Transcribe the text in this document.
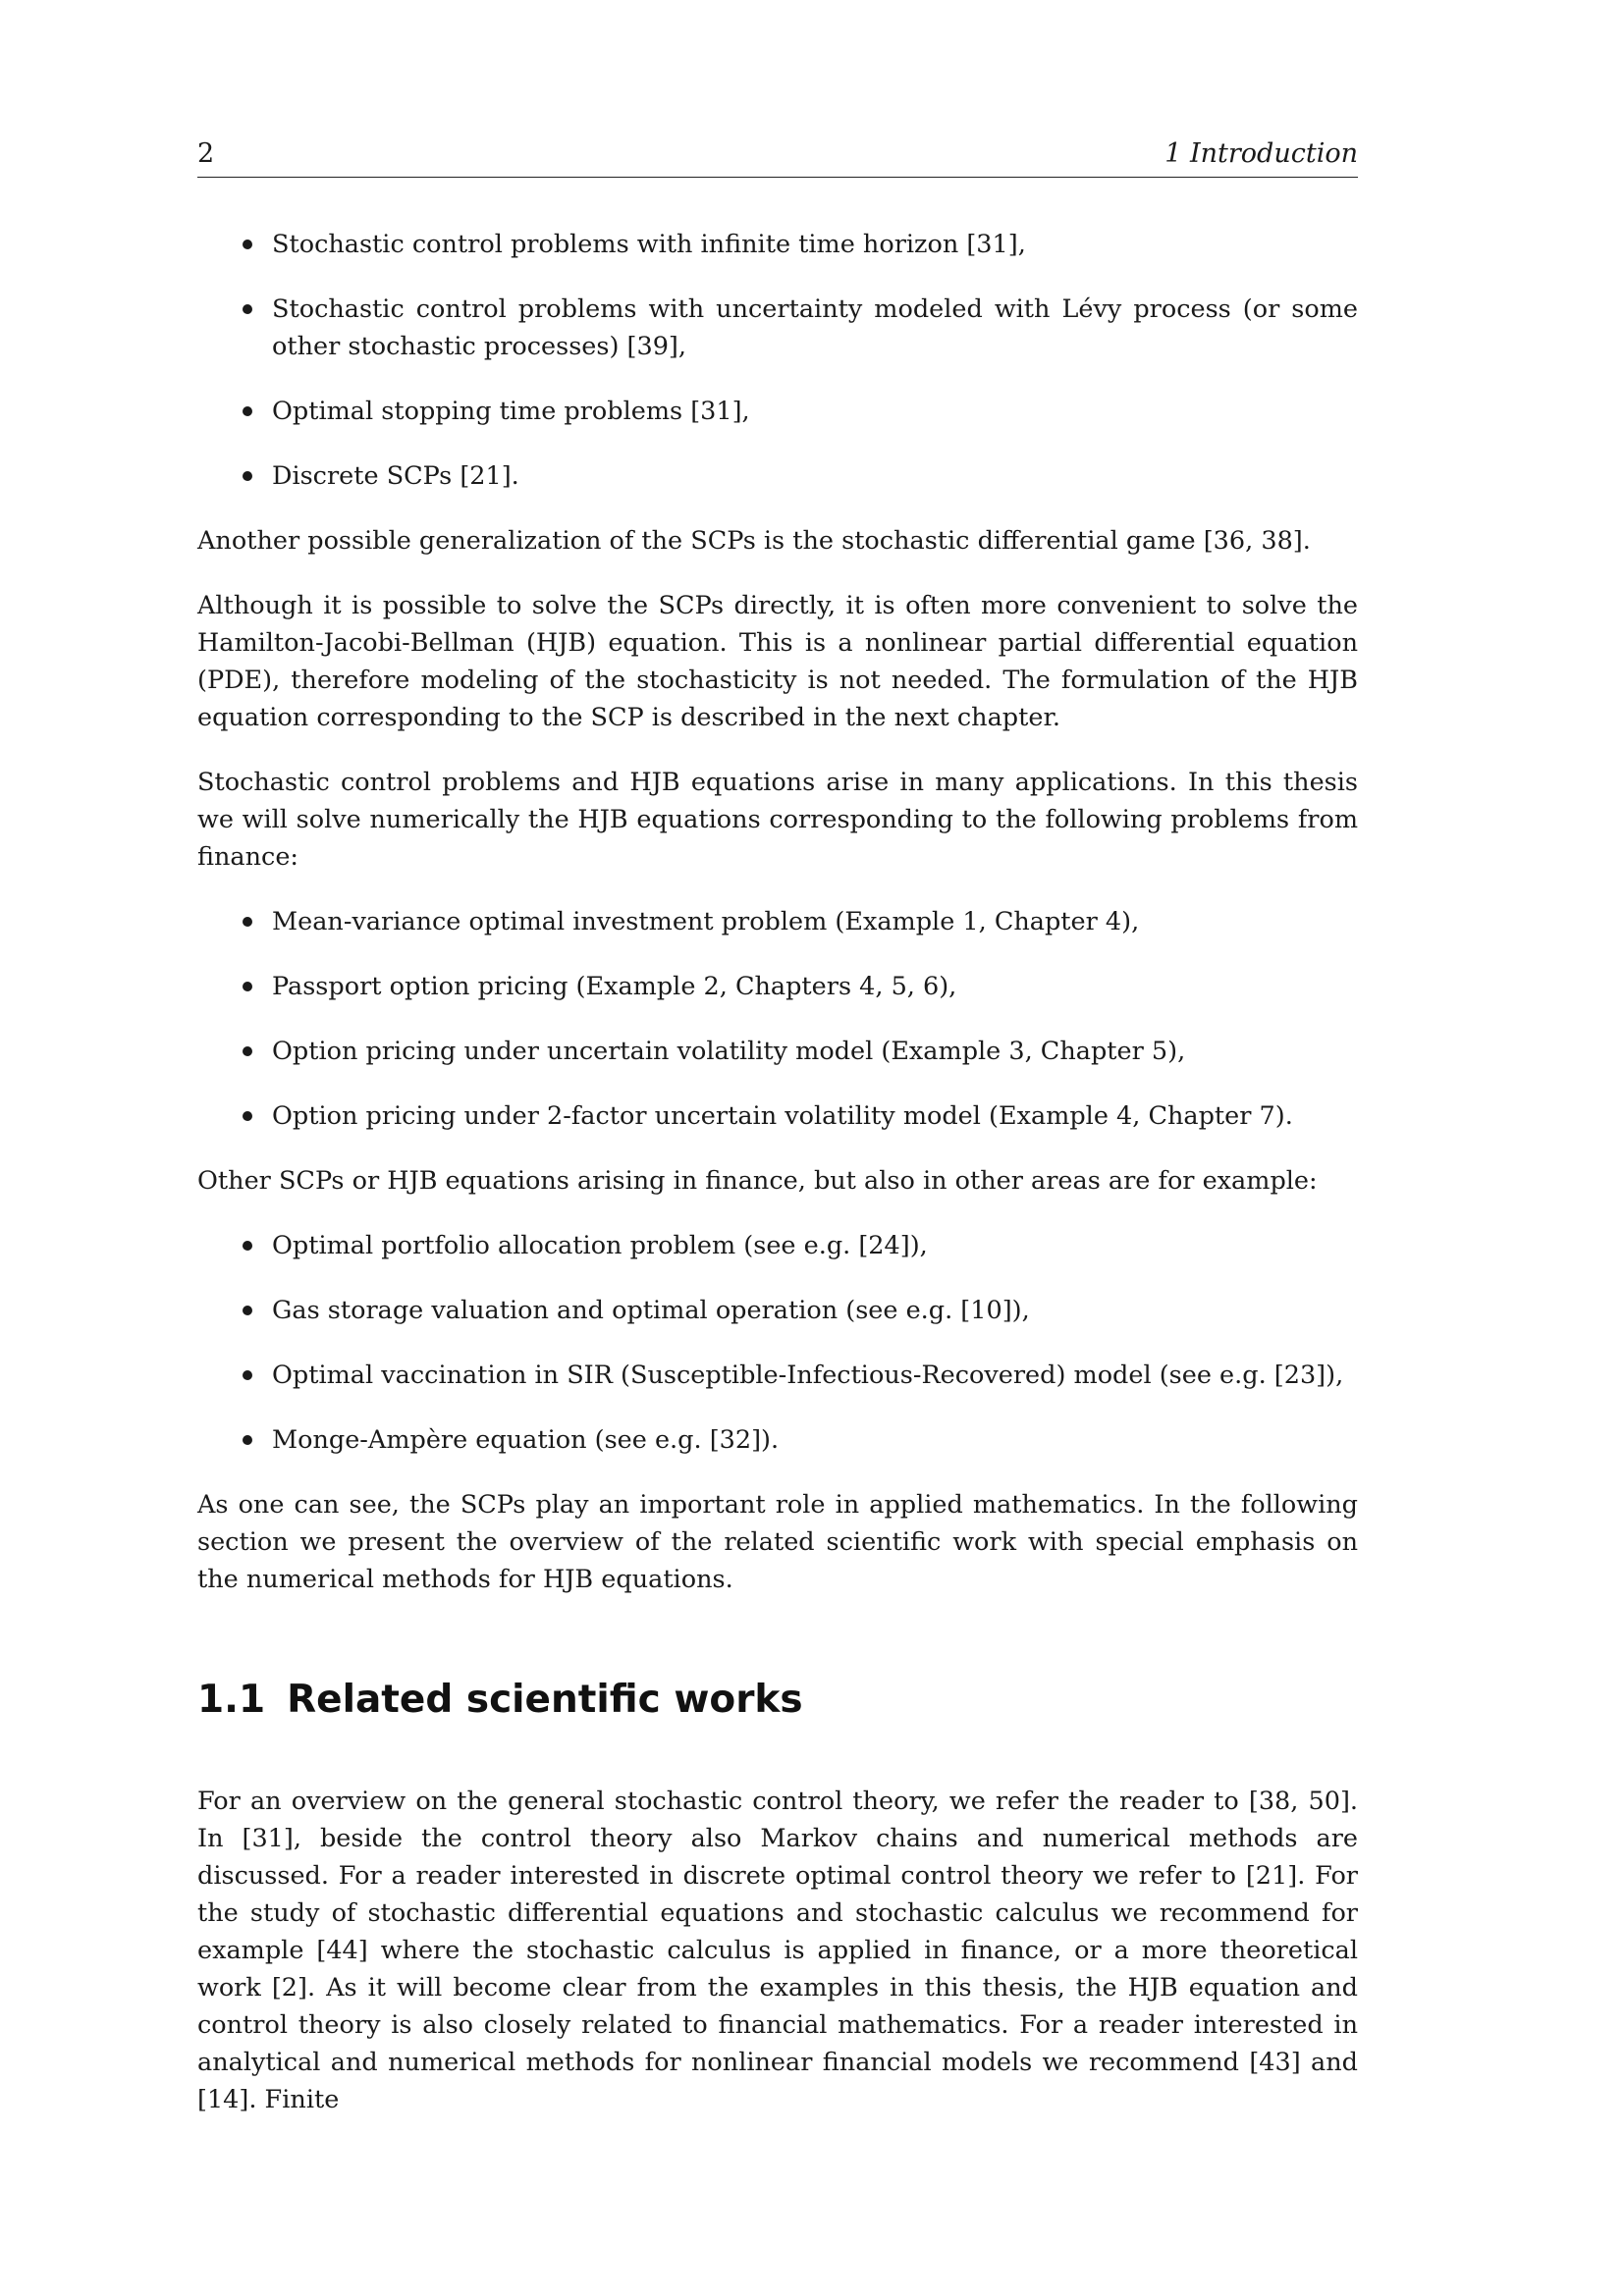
2	1 Introduction
Stochastic control problems with infinite time horizon [31],
Stochastic control problems with uncertainty modeled with Lévy process (or some other stochastic processes) [39],
Optimal stopping time problems [31],
Discrete SCPs [21].

Another possible generalization of the SCPs is the stochastic differential game [36, 38].

Although it is possible to solve the SCPs directly, it is often more convenient to solve the Hamilton-Jacobi-Bellman (HJB) equation. This is a nonlinear partial differential equation (PDE), therefore modeling of the stochasticity is not needed. The formulation of the HJB equation corresponding to the SCP is described in the next chapter.

Stochastic control problems and HJB equations arise in many applications. In this thesis we will solve numerically the HJB equations corresponding to the following problems from finance:

Mean-variance optimal investment problem (Example 1, Chapter 4),
Passport option pricing (Example 2, Chapters 4, 5, 6),
Option pricing under uncertain volatility model (Example 3, Chapter 5),
Option pricing under 2-factor uncertain volatility model (Example 4, Chapter 7).

Other SCPs or HJB equations arising in finance, but also in other areas are for example:

Optimal portfolio allocation problem (see e.g. [24]),
Gas storage valuation and optimal operation (see e.g. [10]),
Optimal vaccination in SIR (Susceptible-Infectious-Recovered) model (see e.g. [23]),
Monge-Ampère equation (see e.g. [32]).

As one can see, the SCPs play an important role in applied mathematics. In the following section we present the overview of the related scientific work with special emphasis on the numerical methods for HJB equations.

1.1 Related scientific works

For an overview on the general stochastic control theory, we refer the reader to [38, 50]. In [31], beside the control theory also Markov chains and numerical methods are discussed. For a reader interested in discrete optimal control theory we refer to [21]. For the study of stochastic differential equations and stochastic calculus we recommend for example [44] where the stochastic calculus is applied in finance, or a more theoretical work [2]. As it will become clear from the examples in this thesis, the HJB equation and control theory is also closely related to financial mathematics. For a reader interested in analytical and numerical methods for nonlinear financial models we recommend [43] and [14]. Finite
